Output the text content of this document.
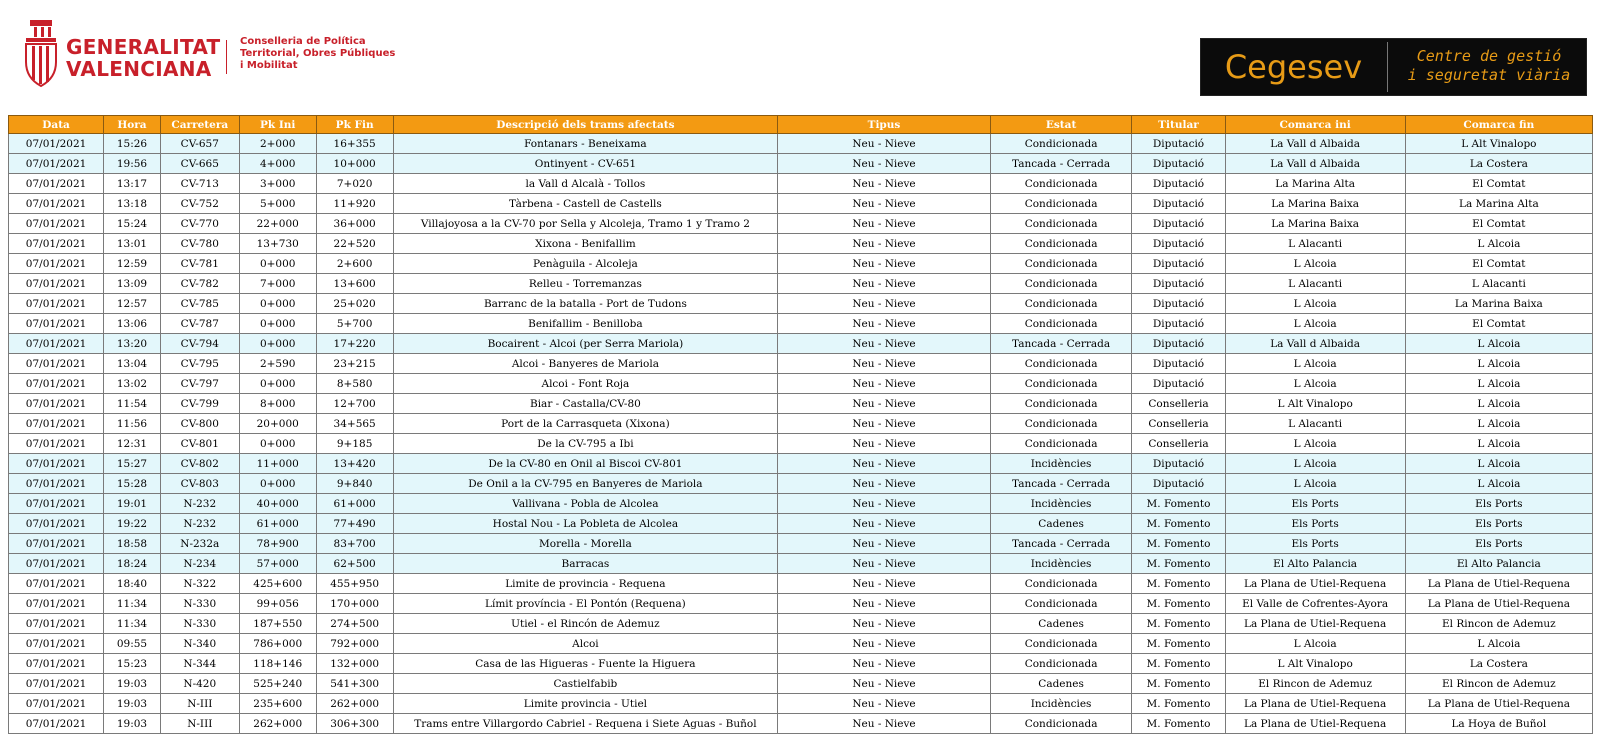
GENERALITAT
VALENCIANA
Conselleria de Política
Territorial, Obres Públiques
i Mobilitat	Cegesev	Centre de gestió
i seguretat viària
Data	Hora	Carretera	Pk Ini	Pk Fin	Descripció dels trams afectats	Tipus	Estat	Titular	Comarca ini	Comarca fin
07/01/2021	15:26	CV-657	2+000	16+355	Fontanars - Beneixama	Neu - Nieve	Condicionada	Diputació	La Vall d Albaida	L Alt Vinalopo
07/01/2021	19:56	CV-665	4+000	10+000	Ontinyent - CV-651	Neu - Nieve	Tancada - Cerrada	Diputació	La Vall d Albaida	La Costera
07/01/2021	13:17	CV-713	3+000	7+020	la Vall d Alcalà - Tollos	Neu - Nieve	Condicionada	Diputació	La Marina Alta	El Comtat
07/01/2021	13:18	CV-752	5+000	11+920	Tàrbena - Castell de Castells	Neu - Nieve	Condicionada	Diputació	La Marina Baixa	La Marina Alta
07/01/2021	15:24	CV-770	22+000	36+000	Villajoyosa a la CV-70 por Sella y Alcoleja, Tramo 1 y Tramo 2	Neu - Nieve	Condicionada	Diputació	La Marina Baixa	El Comtat
07/01/2021	13:01	CV-780	13+730	22+520	Xixona - Benifallim	Neu - Nieve	Condicionada	Diputació	L Alacanti	L Alcoia
07/01/2021	12:59	CV-781	0+000	2+600	Penàguila - Alcoleja	Neu - Nieve	Condicionada	Diputació	L Alcoia	El Comtat
07/01/2021	13:09	CV-782	7+000	13+600	Relleu - Torremanzas	Neu - Nieve	Condicionada	Diputació	L Alacanti	L Alacanti
07/01/2021	12:57	CV-785	0+000	25+020	Barranc de la batalla - Port de Tudons	Neu - Nieve	Condicionada	Diputació	L Alcoia	La Marina Baixa
07/01/2021	13:06	CV-787	0+000	5+700	Benifallim - Benilloba	Neu - Nieve	Condicionada	Diputació	L Alcoia	El Comtat
07/01/2021	13:20	CV-794	0+000	17+220	Bocairent - Alcoi (per Serra Mariola)	Neu - Nieve	Tancada - Cerrada	Diputació	La Vall d Albaida	L Alcoia
07/01/2021	13:04	CV-795	2+590	23+215	Alcoi - Banyeres de Mariola	Neu - Nieve	Condicionada	Diputació	L Alcoia	L Alcoia
07/01/2021	13:02	CV-797	0+000	8+580	Alcoi - Font Roja	Neu - Nieve	Condicionada	Diputació	L Alcoia	L Alcoia
07/01/2021	11:54	CV-799	8+000	12+700	Biar - Castalla/CV-80	Neu - Nieve	Condicionada	Conselleria	L Alt Vinalopo	L Alcoia
07/01/2021	11:56	CV-800	20+000	34+565	Port de la Carrasqueta (Xixona)	Neu - Nieve	Condicionada	Conselleria	L Alacanti	L Alcoia
07/01/2021	12:31	CV-801	0+000	9+185	De la CV-795 a Ibi	Neu - Nieve	Condicionada	Conselleria	L Alcoia	L Alcoia
07/01/2021	15:27	CV-802	11+000	13+420	De la CV-80 en Onil al Biscoi CV-801	Neu - Nieve	Incidències	Diputació	L Alcoia	L Alcoia
07/01/2021	15:28	CV-803	0+000	9+840	De Onil a la CV-795 en Banyeres de Mariola	Neu - Nieve	Tancada - Cerrada	Diputació	L Alcoia	L Alcoia
07/01/2021	19:01	N-232	40+000	61+000	Vallivana - Pobla de Alcolea	Neu - Nieve	Incidències	M. Fomento	Els Ports	Els Ports
07/01/2021	19:22	N-232	61+000	77+490	Hostal Nou - La Pobleta de Alcolea	Neu - Nieve	Cadenes	M. Fomento	Els Ports	Els Ports
07/01/2021	18:58	N-232a	78+900	83+700	Morella - Morella	Neu - Nieve	Tancada - Cerrada	M. Fomento	Els Ports	Els Ports
07/01/2021	18:24	N-234	57+000	62+500	Barracas	Neu - Nieve	Incidències	M. Fomento	El Alto Palancia	El Alto Palancia
07/01/2021	18:40	N-322	425+600	455+950	Limite de provincia - Requena	Neu - Nieve	Condicionada	M. Fomento	La Plana de Utiel-Requena	La Plana de Utiel-Requena
07/01/2021	11:34	N-330	99+056	170+000	Límit província - El Pontón (Requena)	Neu - Nieve	Condicionada	M. Fomento	El Valle de Cofrentes-Ayora	La Plana de Utiel-Requena
07/01/2021	11:34	N-330	187+550	274+500	Utiel - el Rincón de Ademuz	Neu - Nieve	Cadenes	M. Fomento	La Plana de Utiel-Requena	El Rincon de Ademuz
07/01/2021	09:55	N-340	786+000	792+000	Alcoi	Neu - Nieve	Condicionada	M. Fomento	L Alcoia	L Alcoia
07/01/2021	15:23	N-344	118+146	132+000	Casa de las Higueras - Fuente la Higuera	Neu - Nieve	Condicionada	M. Fomento	L Alt Vinalopo	La Costera
07/01/2021	19:03	N-420	525+240	541+300	Castielfabib	Neu - Nieve	Cadenes	M. Fomento	El Rincon de Ademuz	El Rincon de Ademuz
07/01/2021	19:03	N-III	235+600	262+000	Limite provincia - Utiel	Neu - Nieve	Incidències	M. Fomento	La Plana de Utiel-Requena	La Plana de Utiel-Requena
07/01/2021	19:03	N-III	262+000	306+300	Trams entre Villargordo Cabriel - Requena i Siete Aguas - Buñol	Neu - Nieve	Condicionada	M. Fomento	La Plana de Utiel-Requena	La Hoya de Buñol
